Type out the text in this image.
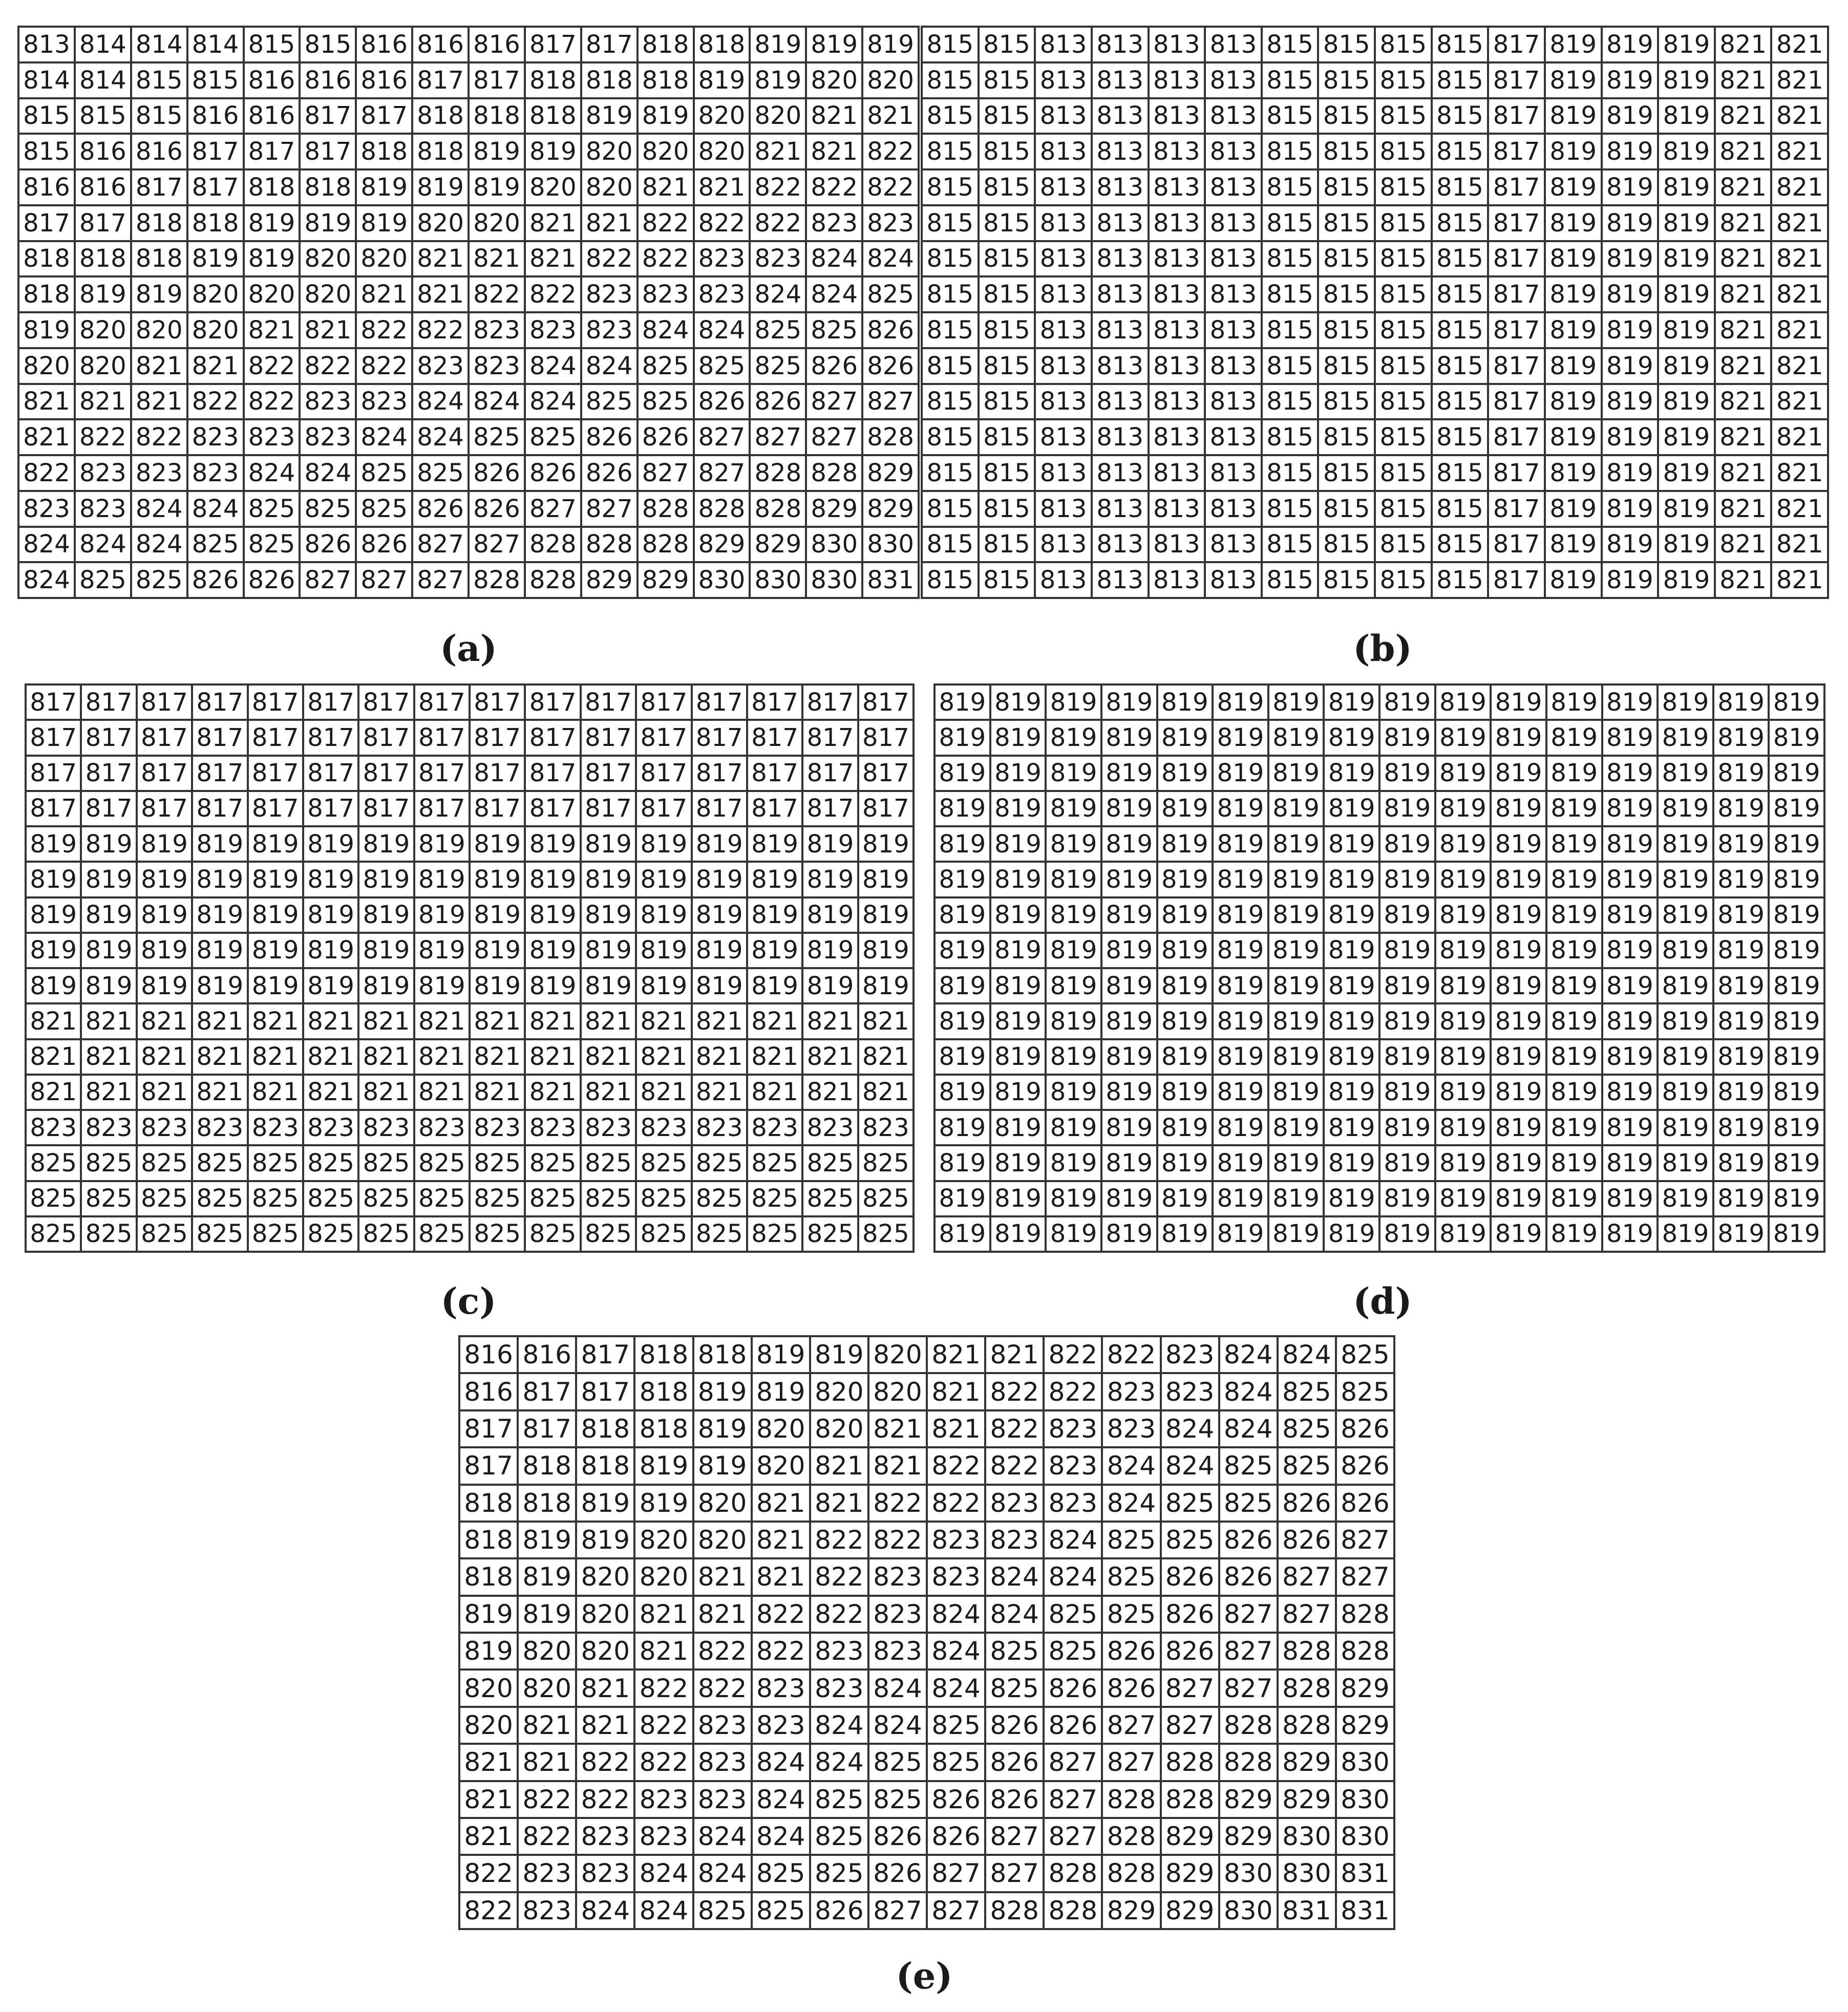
813	814	814	814	815	815	816	816	816	817	817	818	818	819	819	819
814	814	815	815	816	816	816	817	817	818	818	818	819	819	820	820
815	815	815	816	816	817	817	818	818	818	819	819	820	820	821	821
815	816	816	817	817	817	818	818	819	819	820	820	820	821	821	822
816	816	817	817	818	818	819	819	819	820	820	821	821	822	822	822
817	817	818	818	819	819	819	820	820	821	821	822	822	822	823	823
818	818	818	819	819	820	820	821	821	821	822	822	823	823	824	824
818	819	819	820	820	820	821	821	822	822	823	823	823	824	824	825
819	820	820	820	821	821	822	822	823	823	823	824	824	825	825	826
820	820	821	821	822	822	822	823	823	824	824	825	825	825	826	826
821	821	821	822	822	823	823	824	824	824	825	825	826	826	827	827
821	822	822	823	823	823	824	824	825	825	826	826	827	827	827	828
822	823	823	823	824	824	825	825	826	826	826	827	827	828	828	829
823	823	824	824	825	825	825	826	826	827	827	828	828	828	829	829
824	824	824	825	825	826	826	827	827	828	828	828	829	829	830	830
824	825	825	826	826	827	827	827	828	828	829	829	830	830	830	831
(a)
815	815	813	813	813	813	815	815	815	815	817	819	819	819	821	821
815	815	813	813	813	813	815	815	815	815	817	819	819	819	821	821
815	815	813	813	813	813	815	815	815	815	817	819	819	819	821	821
815	815	813	813	813	813	815	815	815	815	817	819	819	819	821	821
815	815	813	813	813	813	815	815	815	815	817	819	819	819	821	821
815	815	813	813	813	813	815	815	815	815	817	819	819	819	821	821
815	815	813	813	813	813	815	815	815	815	817	819	819	819	821	821
815	815	813	813	813	813	815	815	815	815	817	819	819	819	821	821
815	815	813	813	813	813	815	815	815	815	817	819	819	819	821	821
815	815	813	813	813	813	815	815	815	815	817	819	819	819	821	821
815	815	813	813	813	813	815	815	815	815	817	819	819	819	821	821
815	815	813	813	813	813	815	815	815	815	817	819	819	819	821	821
815	815	813	813	813	813	815	815	815	815	817	819	819	819	821	821
815	815	813	813	813	813	815	815	815	815	817	819	819	819	821	821
815	815	813	813	813	813	815	815	815	815	817	819	819	819	821	821
815	815	813	813	813	813	815	815	815	815	817	819	819	819	821	821
(b)
817	817	817	817	817	817	817	817	817	817	817	817	817	817	817	817
817	817	817	817	817	817	817	817	817	817	817	817	817	817	817	817
817	817	817	817	817	817	817	817	817	817	817	817	817	817	817	817
817	817	817	817	817	817	817	817	817	817	817	817	817	817	817	817
819	819	819	819	819	819	819	819	819	819	819	819	819	819	819	819
819	819	819	819	819	819	819	819	819	819	819	819	819	819	819	819
819	819	819	819	819	819	819	819	819	819	819	819	819	819	819	819
819	819	819	819	819	819	819	819	819	819	819	819	819	819	819	819
819	819	819	819	819	819	819	819	819	819	819	819	819	819	819	819
821	821	821	821	821	821	821	821	821	821	821	821	821	821	821	821
821	821	821	821	821	821	821	821	821	821	821	821	821	821	821	821
821	821	821	821	821	821	821	821	821	821	821	821	821	821	821	821
823	823	823	823	823	823	823	823	823	823	823	823	823	823	823	823
825	825	825	825	825	825	825	825	825	825	825	825	825	825	825	825
825	825	825	825	825	825	825	825	825	825	825	825	825	825	825	825
825	825	825	825	825	825	825	825	825	825	825	825	825	825	825	825
(c)
819	819	819	819	819	819	819	819	819	819	819	819	819	819	819	819
819	819	819	819	819	819	819	819	819	819	819	819	819	819	819	819
819	819	819	819	819	819	819	819	819	819	819	819	819	819	819	819
819	819	819	819	819	819	819	819	819	819	819	819	819	819	819	819
819	819	819	819	819	819	819	819	819	819	819	819	819	819	819	819
819	819	819	819	819	819	819	819	819	819	819	819	819	819	819	819
819	819	819	819	819	819	819	819	819	819	819	819	819	819	819	819
819	819	819	819	819	819	819	819	819	819	819	819	819	819	819	819
819	819	819	819	819	819	819	819	819	819	819	819	819	819	819	819
819	819	819	819	819	819	819	819	819	819	819	819	819	819	819	819
819	819	819	819	819	819	819	819	819	819	819	819	819	819	819	819
819	819	819	819	819	819	819	819	819	819	819	819	819	819	819	819
819	819	819	819	819	819	819	819	819	819	819	819	819	819	819	819
819	819	819	819	819	819	819	819	819	819	819	819	819	819	819	819
819	819	819	819	819	819	819	819	819	819	819	819	819	819	819	819
819	819	819	819	819	819	819	819	819	819	819	819	819	819	819	819
(d)
816	816	817	818	818	819	819	820	821	821	822	822	823	824	824	825
816	817	817	818	819	819	820	820	821	822	822	823	823	824	825	825
817	817	818	818	819	820	820	821	821	822	823	823	824	824	825	826
817	818	818	819	819	820	821	821	822	822	823	824	824	825	825	826
818	818	819	819	820	821	821	822	822	823	823	824	825	825	826	826
818	819	819	820	820	821	822	822	823	823	824	825	825	826	826	827
818	819	820	820	821	821	822	823	823	824	824	825	826	826	827	827
819	819	820	821	821	822	822	823	824	824	825	825	826	827	827	828
819	820	820	821	822	822	823	823	824	825	825	826	826	827	828	828
820	820	821	822	822	823	823	824	824	825	826	826	827	827	828	829
820	821	821	822	823	823	824	824	825	826	826	827	827	828	828	829
821	821	822	822	823	824	824	825	825	826	827	827	828	828	829	830
821	822	822	823	823	824	825	825	826	826	827	828	828	829	829	830
821	822	823	823	824	824	825	826	826	827	827	828	829	829	830	830
822	823	823	824	824	825	825	826	827	827	828	828	829	830	830	831
822	823	824	824	825	825	826	827	827	828	828	829	829	830	831	831
(e)
